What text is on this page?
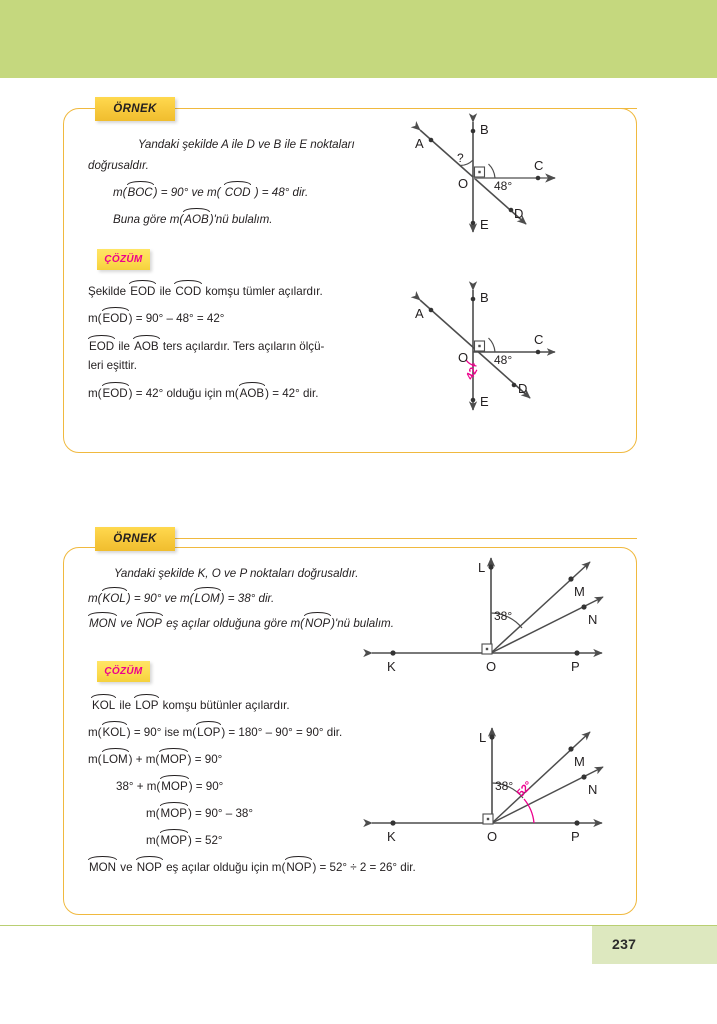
ÖRNEK
Yandaki şekilde A ile D ve B ile E noktaları
doğrusaldır.
m(BOC) = 90° ve m( COD ) = 48° dir.
Buna göre m(AOB)'nü bulalım.
ÇÖZÜM
Şekilde EOD ile COD komşu tümler açılardır.
m(EOD) = 90° – 48° = 42°
EOD ile AOB ters açılardır. Ters açıların ölçü-
leri eşittir.
m(EOD) = 42° olduğu için m(AOB) = 42° dir.
B
A
C
D
E
O
?
48°
B
A
C
D
E
O 48°
42°
ÖRNEK
Yandaki şekilde K, O ve P noktaları doğrusaldır.
m(KOL) = 90° ve m(LOM) = 38° dir.
MON ve NOP eş açılar olduğuna göre m(NOP)'nü bulalım.
ÇÖZÜM
KOL ile LOP komşu bütünler açılardır.
m(KOL) = 90° ise m(LOP) = 180° – 90° = 90° dir.
m(LOM) + m(MOP) = 90°
38° + m(MOP) = 90°
m(MOP) = 90° – 38°
m(MOP) = 52°
MON ve NOP eş açılar olduğu için m(NOP) = 52° ÷ 2 = 26° dir.
L
M
N
K	O	P
38°
L
M
N
K	O	P
38° 52°
237
